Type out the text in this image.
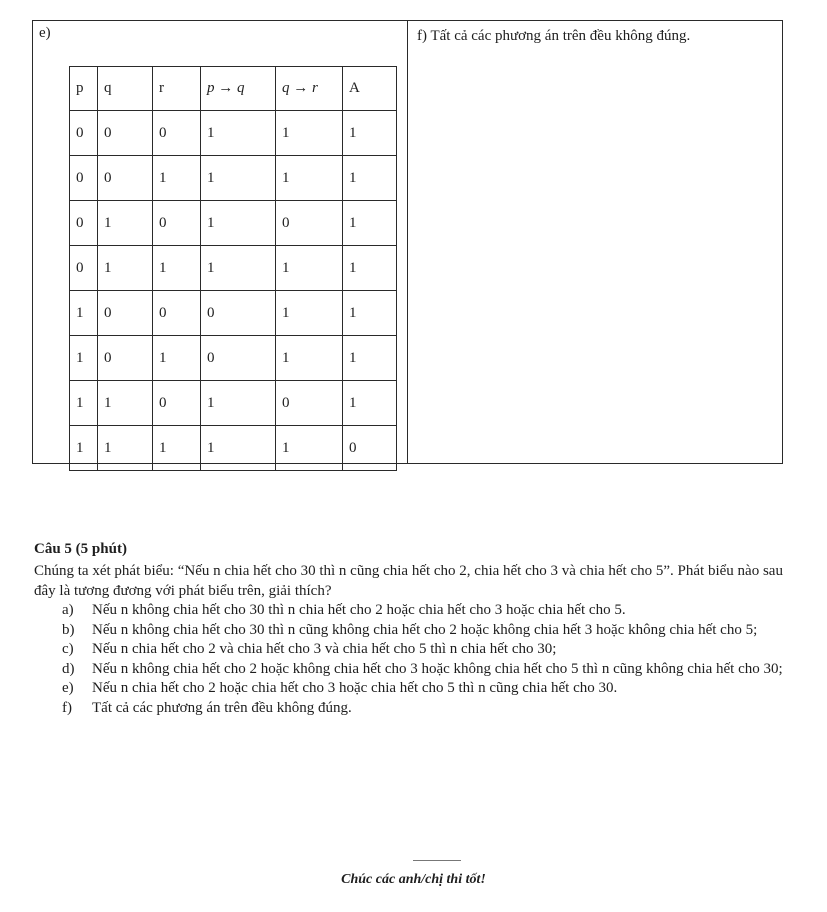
e)	f) Tất cả các phương án trên đều không đúng.
p	q	r	p → q	q → r	A
0	0	0	1	1	1
0	0	1	1	1	1
0	1	0	1	0	1
0	1	1	1	1	1
1	0	0	0	1	1
1	0	1	0	1	1
1	1	0	1	0	1
1	1	1	1	1	0
Câu 5 (5 phút)

Chúng ta xét phát biểu: “Nếu n chia hết cho 30 thì n cũng chia hết cho 2, chia hết cho 3 và chia hết cho 5”. Phát biểu nào sau đây là tương đương với phát biểu trên, giải thích?

a) Nếu n không chia hết cho 30 thì n chia hết cho 2 hoặc chia hết cho 3 hoặc chia hết cho 5.
b) Nếu n không chia hết cho 30 thì n cũng không chia hết cho 2 hoặc không chia hết 3 hoặc không chia hết cho 5;
c) Nếu n chia hết cho 2 và chia hết cho 3 và chia hết cho 5 thì n chia hết cho 30;
d) Nếu n không chia hết cho 2 hoặc không chia hết cho 3 hoặc không chia hết cho 5 thì n cũng không chia hết cho 30;
e) Nếu n chia hết cho 2 hoặc chia hết cho 3 hoặc chia hết cho 5 thì n cũng chia hết cho 30.
f) Tất cả các phương án trên đều không đúng.
Chúc các anh/chị thi tốt!
